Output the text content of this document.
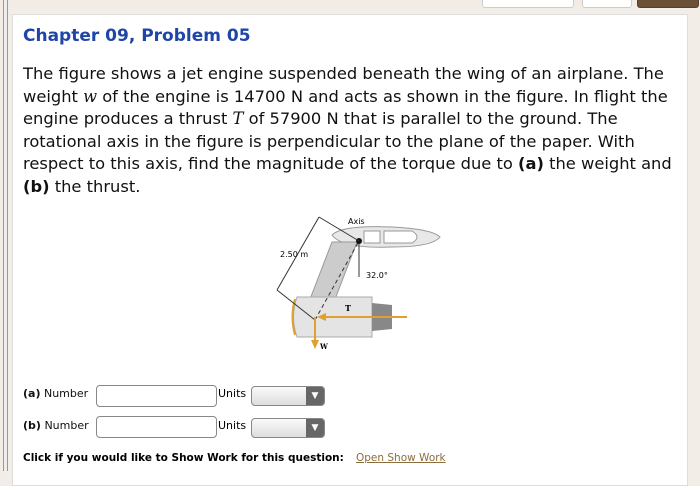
Chapter 09, Problem 05
The figure shows a jet engine suspended beneath the wing of an airplane. The weight w of the engine is 14700 N and acts as shown in the figure. In flight the engine produces a thrust T of 57900 N that is parallel to the ground. The rotational axis in the figure is perpendicular to the plane of the paper. With respect to this axis, find the magnitude of the torque due to (a) the weight and (b) the thrust.
Axis
2.50 m
32.0°
T
W
(a) Number	Units	▼
(b) Number	Units	▼
Click if you would like to Show Work for this question: Open Show Work
